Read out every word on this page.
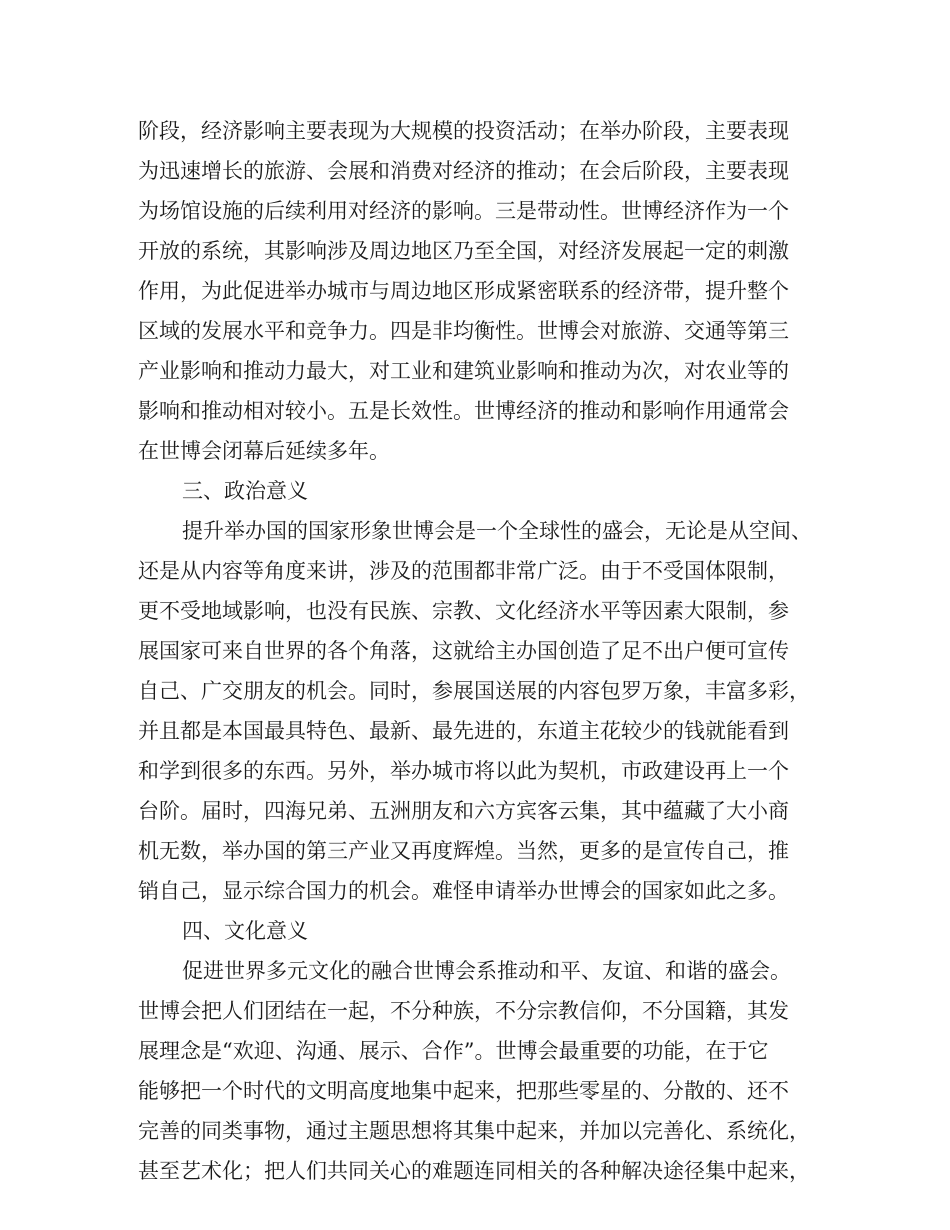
阶段，经济影响主要表现为大规模的投资活动；在举办阶段，主要表现
为迅速增长的旅游、会展和消费对经济的推动；在会后阶段，主要表现
为场馆设施的后续利用对经济的影响。三是带动性。世博经济作为一个
开放的系统，其影响涉及周边地区乃至全国，对经济发展起一定的刺激
作用，为此促进举办城市与周边地区形成紧密联系的经济带，提升整个
区域的发展水平和竞争力。四是非均衡性。世博会对旅游、交通等第三
产业影响和推动力最大，对工业和建筑业影响和推动为次，对农业等的
影响和推动相对较小。五是长效性。世博经济的推动和影响作用通常会
在世博会闭幕后延续多年。
三、政治意义
提升举办国的国家形象世博会是一个全球性的盛会，无论是从空间、
还是从内容等角度来讲，涉及的范围都非常广泛。由于不受国体限制，
更不受地域影响，也没有民族、宗教、文化经济水平等因素大限制，参
展国家可来自世界的各个角落，这就给主办国创造了足不出户便可宣传
自己、广交朋友的机会。同时，参展国送展的内容包罗万象，丰富多彩，
并且都是本国最具特色、最新、最先进的，东道主花较少的钱就能看到
和学到很多的东西。另外，举办城市将以此为契机，市政建设再上一个
台阶。届时，四海兄弟、五洲朋友和六方宾客云集，其中蕴藏了大小商
机无数，举办国的第三产业又再度辉煌。当然，更多的是宣传自己，推
销自己，显示综合国力的机会。难怪申请举办世博会的国家如此之多。
四、文化意义
促进世界多元文化的融合世博会系推动和平、友谊、和谐的盛会。
世博会把人们团结在一起，不分种族，不分宗教信仰，不分国籍，其发
展理念是“欢迎、沟通、展示、合作”。世博会最重要的功能，在于它
能够把一个时代的文明高度地集中起来，把那些零星的、分散的、还不
完善的同类事物，通过主题思想将其集中起来，并加以完善化、系统化，
甚至艺术化；把人们共同关心的难题连同相关的各种解决途径集中起来，
